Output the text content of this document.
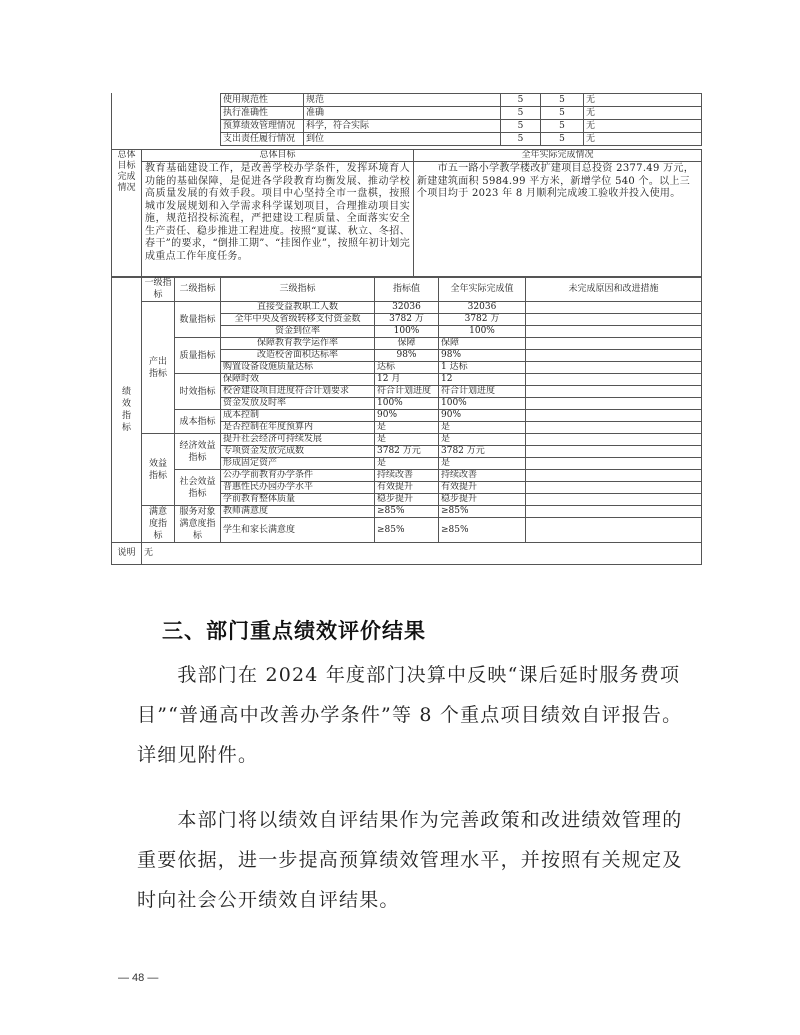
使用规范性	规范	5	5	无
执行准确性	准确	5	5	无
预算绩效管理情况	科学，符合实际	5	5	无
支出责任履行情况	到位	5	5	无
总体目标完成情况	总体目标	全年实际完成情况
	教育基础建设工作，是改善学校办学条件，发挥环境育人功能的基础保障，是促进各学段教育均衡发展、推动学校高质量发展的有效手段。项目中心坚持全市一盘棋，按照城市发展规划和入学需求科学谋划项目，合理推动项目实施，规范招投标流程，严把建设工程质量、全面落实安全生产责任、稳步推进工程进度。按照“夏谋、秋立、冬招、春干”的要求，“倒排工期”、“挂图作业”，按照年初计划完成重点工作年度任务。	　　市五一路小学教学楼改扩建项目总投资 2377.49 万元，新建建筑面积 5984.99 平方米，新增学位 540 个。以上三个项目均于 2023 年 8 月顺利完成竣工验收并投入使用。
绩效指标	一级指标	二级指标	三级指标	指标值	全年实际完成值	未完成原因和改进措施
	产出指标	数量指标	直接受益教职工人数	32036	32036	
			全年中央及省级转移支付资金数	3782 万	3782 万	
			资金到位率	100%	100%	
		质量指标	保障教育教学运作率	保障	保障	
			改造校舍面积达标率	98%	98%	
			购置设备设施质量达标	达标	1 达标	
		时效指标	保障时效	12 月	12	
			校舍建设项目进度符合计划要求	符合计划进度	符合计划进度	
			资金发放及时率	100%	100%	
		成本指标	成本控制	90%	90%	
			是否控制在年度预算内	是	是	
	效益指标	经济效益指标	提升社会经济可持续发展	是	是	
			专项资金发放完成数	3782 万元	3782 万元	
			形成固定资产	是	是	
		社会效益指标	公办学前教育办学条件	持续改善	持续改善	
			普惠性民办园办学水平	有效提升	有效提升	
			学前教育整体质量	稳步提升	稳步提升	
	满意度指标	服务对象满意度指标	教师满意度	≥85%	≥85%	
			学生和家长满意度	≥85%	≥85%	
说明	无					
三、部门重点绩效评价结果
　　我部门在 2024 年度部门决算中反映“课后延时服务费项目”“普通高中改善办学条件”等 8 个重点项目绩效自评报告。详细见附件。
　　本部门将以绩效自评结果作为完善政策和改进绩效管理的重要依据，进一步提高预算绩效管理水平，并按照有关规定及时向社会公开绩效自评结果。
— 48 —
